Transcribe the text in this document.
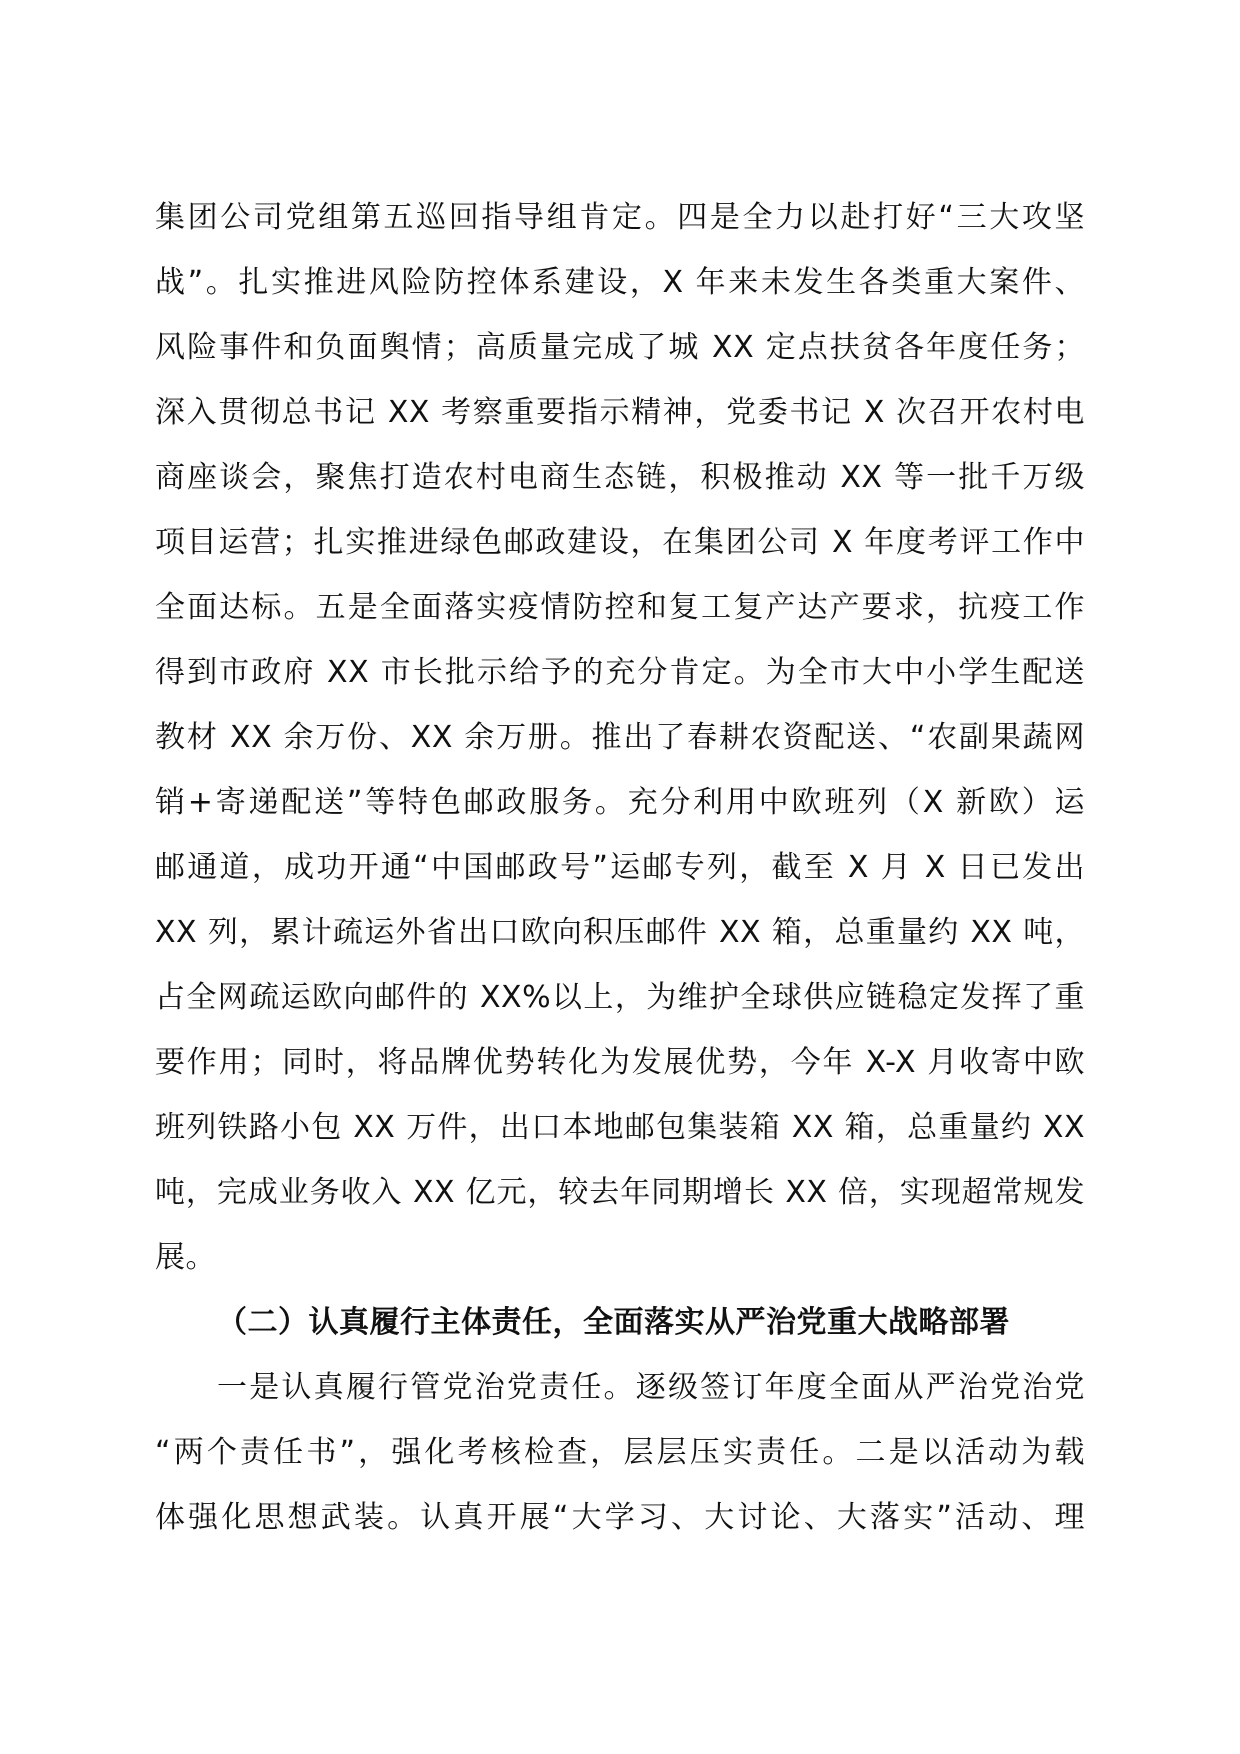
集团公司党组第五巡回指导组肯定。四是全力以赴打好“三大攻坚
战”。扎实推进风险防控体系建设，X 年来未发生各类重大案件、
风险事件和负面舆情；高质量完成了城 XX 定点扶贫各年度任务；
深入贯彻总书记 XX 考察重要指示精神，党委书记 X 次召开农村电
商座谈会，聚焦打造农村电商生态链，积极推动 XX 等一批千万级
项目运营；扎实推进绿色邮政建设，在集团公司 X 年度考评工作中
全面达标。五是全面落实疫情防控和复工复产达产要求，抗疫工作
得到市政府 XX 市长批示给予的充分肯定。为全市大中小学生配送
教材 XX 余万份、XX 余万册。推出了春耕农资配送、“农副果蔬网
销+寄递配送”等特色邮政服务。充分利用中欧班列（X 新欧）运
邮通道，成功开通“中国邮政号”运邮专列，截至 X 月 X 日已发出
XX 列，累计疏运外省出口欧向积压邮件 XX 箱，总重量约 XX 吨，
占全网疏运欧向邮件的 XX%以上，为维护全球供应链稳定发挥了重
要作用；同时，将品牌优势转化为发展优势，今年 X-X 月收寄中欧
班列铁路小包 XX 万件，出口本地邮包集装箱 XX 箱，总重量约 XX
吨，完成业务收入 XX 亿元，较去年同期增长 XX 倍，实现超常规发
展。
（二）认真履行主体责任，全面落实从严治党重大战略部署
一是认真履行管党治党责任。逐级签订年度全面从严治党治党
“两个责任书”，强化考核检查，层层压实责任。二是以活动为载
体强化思想武装。认真开展“大学习、大讨论、大落实”活动、理
